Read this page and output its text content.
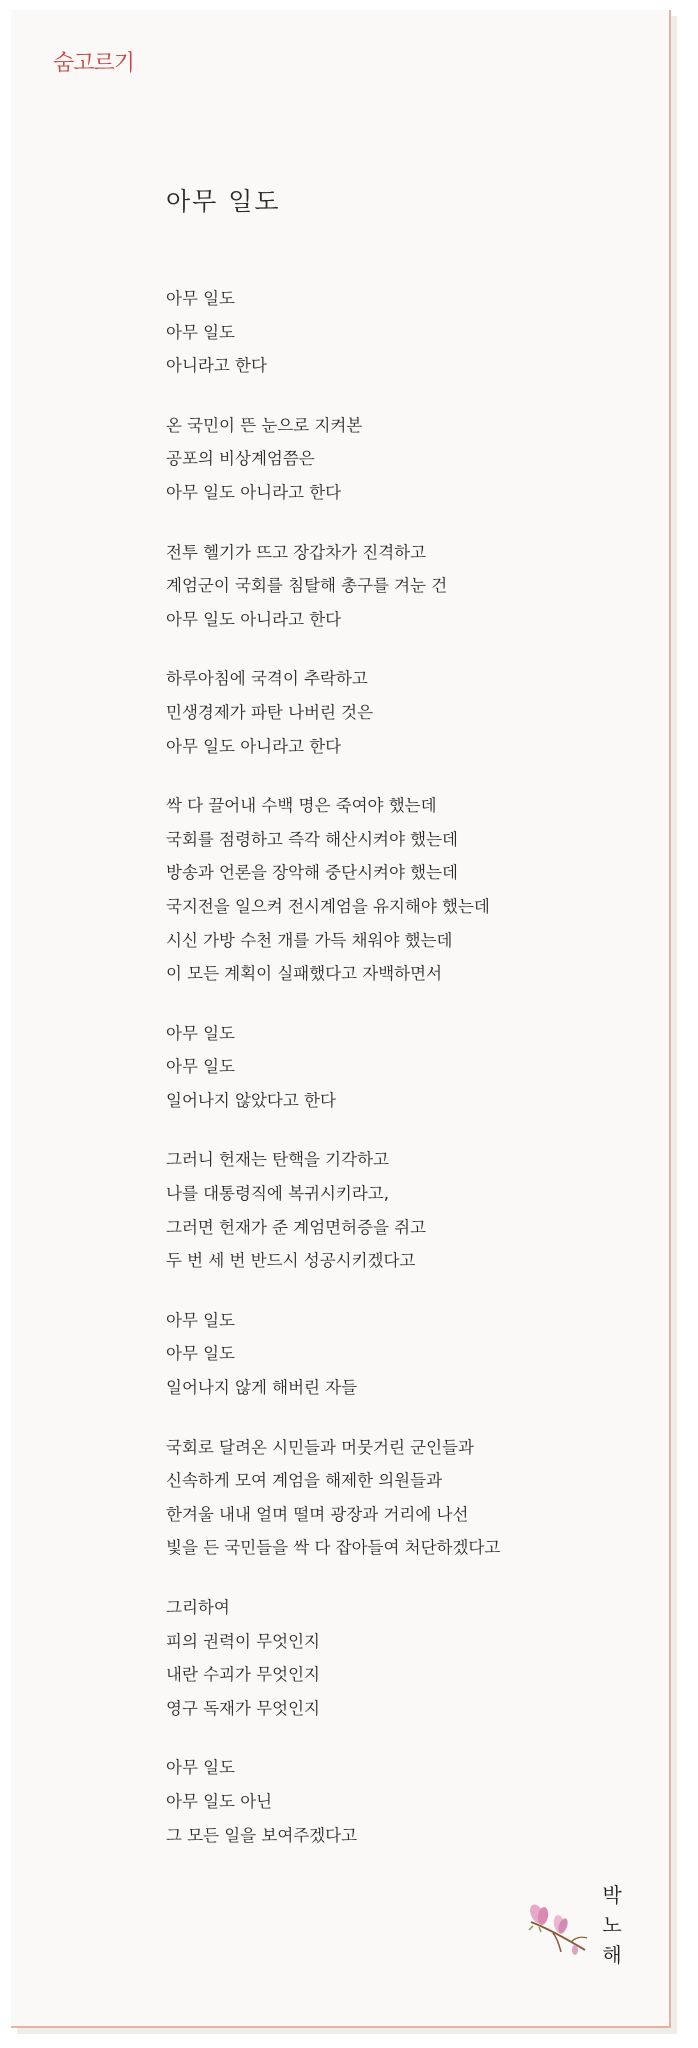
숨고르기
아무 일도
아무 일도
아무 일도
아니라고 한다
온 국민이 뜬 눈으로 지켜본
공포의 비상계엄쯤은
아무 일도 아니라고 한다
전투 헬기가 뜨고 장갑차가 진격하고
계엄군이 국회를 침탈해 총구를 겨눈 건
아무 일도 아니라고 한다
하루아침에 국격이 추락하고
민생경제가 파탄 나버린 것은
아무 일도 아니라고 한다
싹 다 끌어내 수백 명은 죽여야 했는데
국회를 점령하고 즉각 해산시켜야 했는데
방송과 언론을 장악해 중단시켜야 했는데
국지전을 일으켜 전시계엄을 유지해야 했는데
시신 가방 수천 개를 가득 채워야 했는데
이 모든 계획이 실패했다고 자백하면서
아무 일도
아무 일도
일어나지 않았다고 한다
그러니 헌재는 탄핵을 기각하고
나를 대통령직에 복귀시키라고,
그러면 헌재가 준 계엄면허증을 쥐고
두 번 세 번 반드시 성공시키겠다고
아무 일도
아무 일도
일어나지 않게 해버린 자들
국회로 달려온 시민들과 머뭇거린 군인들과
신속하게 모여 계엄을 해제한 의원들과
한겨울 내내 얼며 떨며 광장과 거리에 나선
빛을 든 국민들을 싹 다 잡아들여 처단하겠다고
그리하여
피의 권력이 무엇인지
내란 수괴가 무엇인지
영구 독재가 무엇인지
아무 일도
아무 일도 아닌
그 모든 일을 보여주겠다고
박
노
해
